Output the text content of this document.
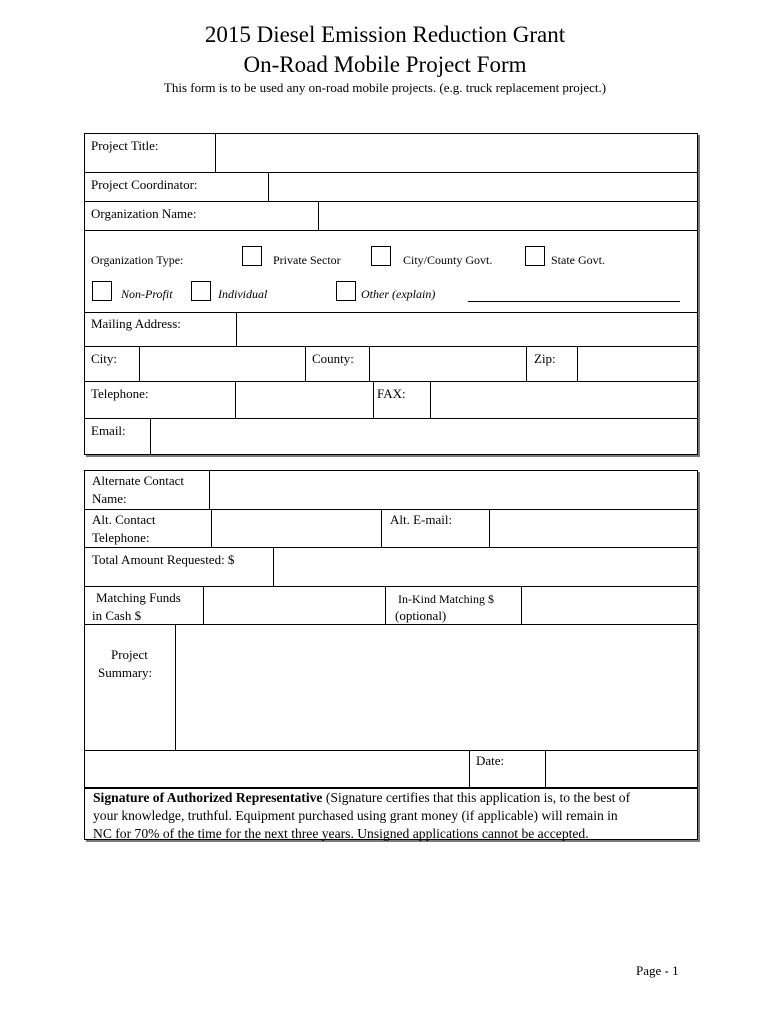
2015 Diesel Emission Reduction Grant
On-Road Mobile Project Form
This form is to be used any on-road mobile projects. (e.g. truck replacement project.)
Project Title:
Project Coordinator:
Organization Name:
Organization Type:	Private Sector	City/County Govt.	State Govt.
Non-Profit	Individual	Other (explain)
Mailing Address:
City:	County:	Zip:
Telephone:	FAX:
Email:
Alternate Contact
Name:
Alt. Contact
Telephone:
Alt. E-mail:
Total Amount Requested: $
Matching Funds
in Cash $
In-Kind Matching $
(optional)
Project
Summary:
Date:
Signature of Authorized Representative (Signature certifies that this application is, to the best of
your knowledge, truthful. Equipment purchased using grant money (if applicable) will remain in
NC for 70% of the time for the next three years. Unsigned applications cannot be accepted.
Page - 1
